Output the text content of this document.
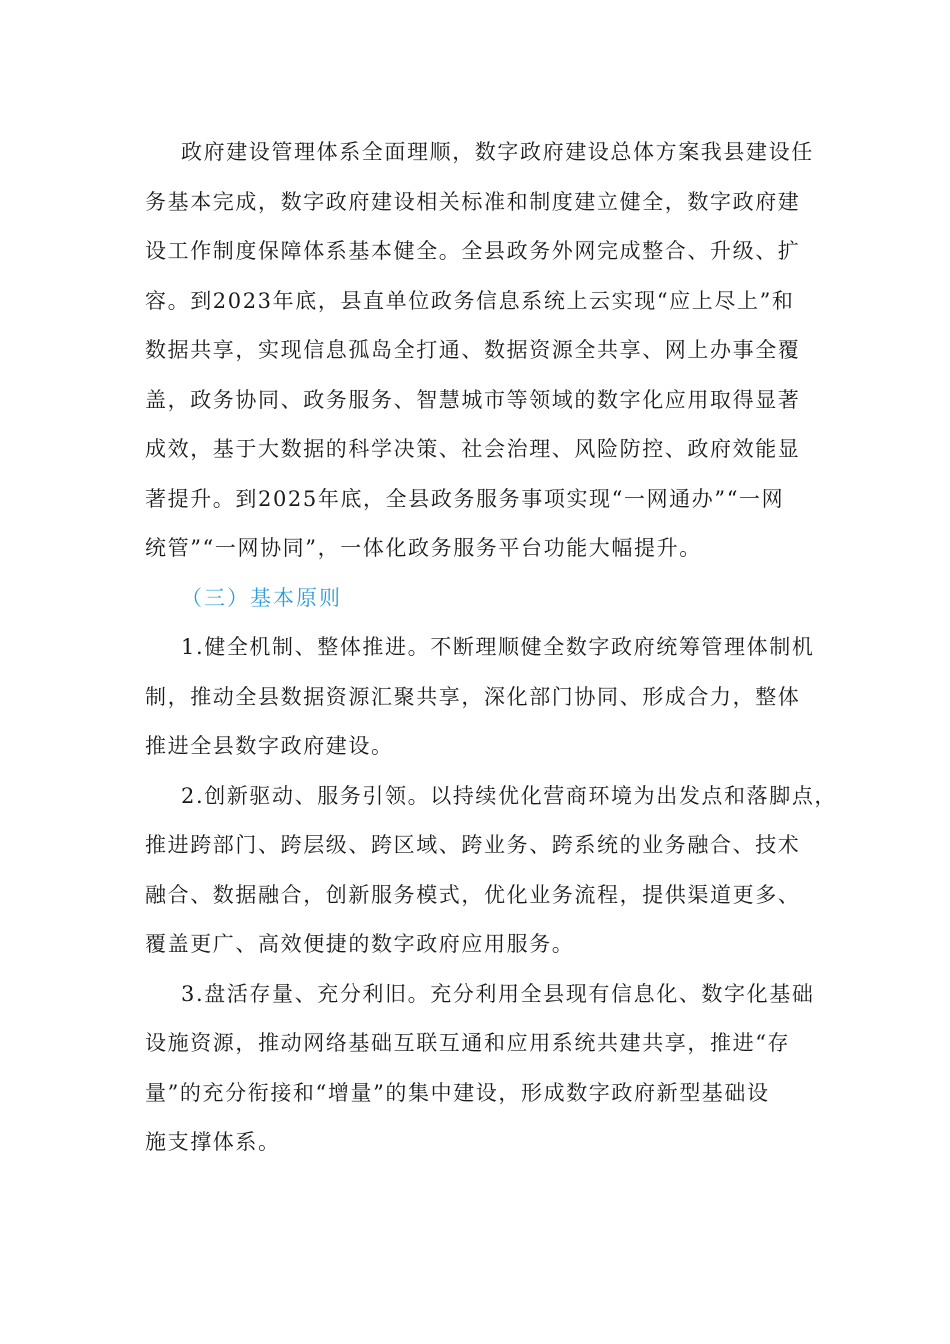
政府建设管理体系全面理顺，数字政府建设总体方案我县建设任
务基本完成，数字政府建设相关标准和制度建立健全，数字政府建
设工作制度保障体系基本健全。全县政务外网完成整合、升级、扩
容。到2023年底，县直单位政务信息系统上云实现“应上尽上”和
数据共享，实现信息孤岛全打通、数据资源全共享、网上办事全覆
盖，政务协同、政务服务、智慧城市等领域的数字化应用取得显著
成效，基于大数据的科学决策、社会治理、风险防控、政府效能显
著提升。到2025年底，全县政务服务事项实现“一网通办”“一网
统管”“一网协同”，一体化政务服务平台功能大幅提升。
（三）基本原则
1.健全机制、整体推进。不断理顺健全数字政府统筹管理体制机
制，推动全县数据资源汇聚共享，深化部门协同、形成合力，整体
推进全县数字政府建设。
2.创新驱动、服务引领。以持续优化营商环境为出发点和落脚点，
推进跨部门、跨层级、跨区域、跨业务、跨系统的业务融合、技术
融合、数据融合，创新服务模式，优化业务流程，提供渠道更多、
覆盖更广、高效便捷的数字政府应用服务。
3.盘活存量、充分利旧。充分利用全县现有信息化、数字化基础
设施资源，推动网络基础互联互通和应用系统共建共享，推进“存
量”的充分衔接和“增量”的集中建设，形成数字政府新型基础设
施支撑体系。
